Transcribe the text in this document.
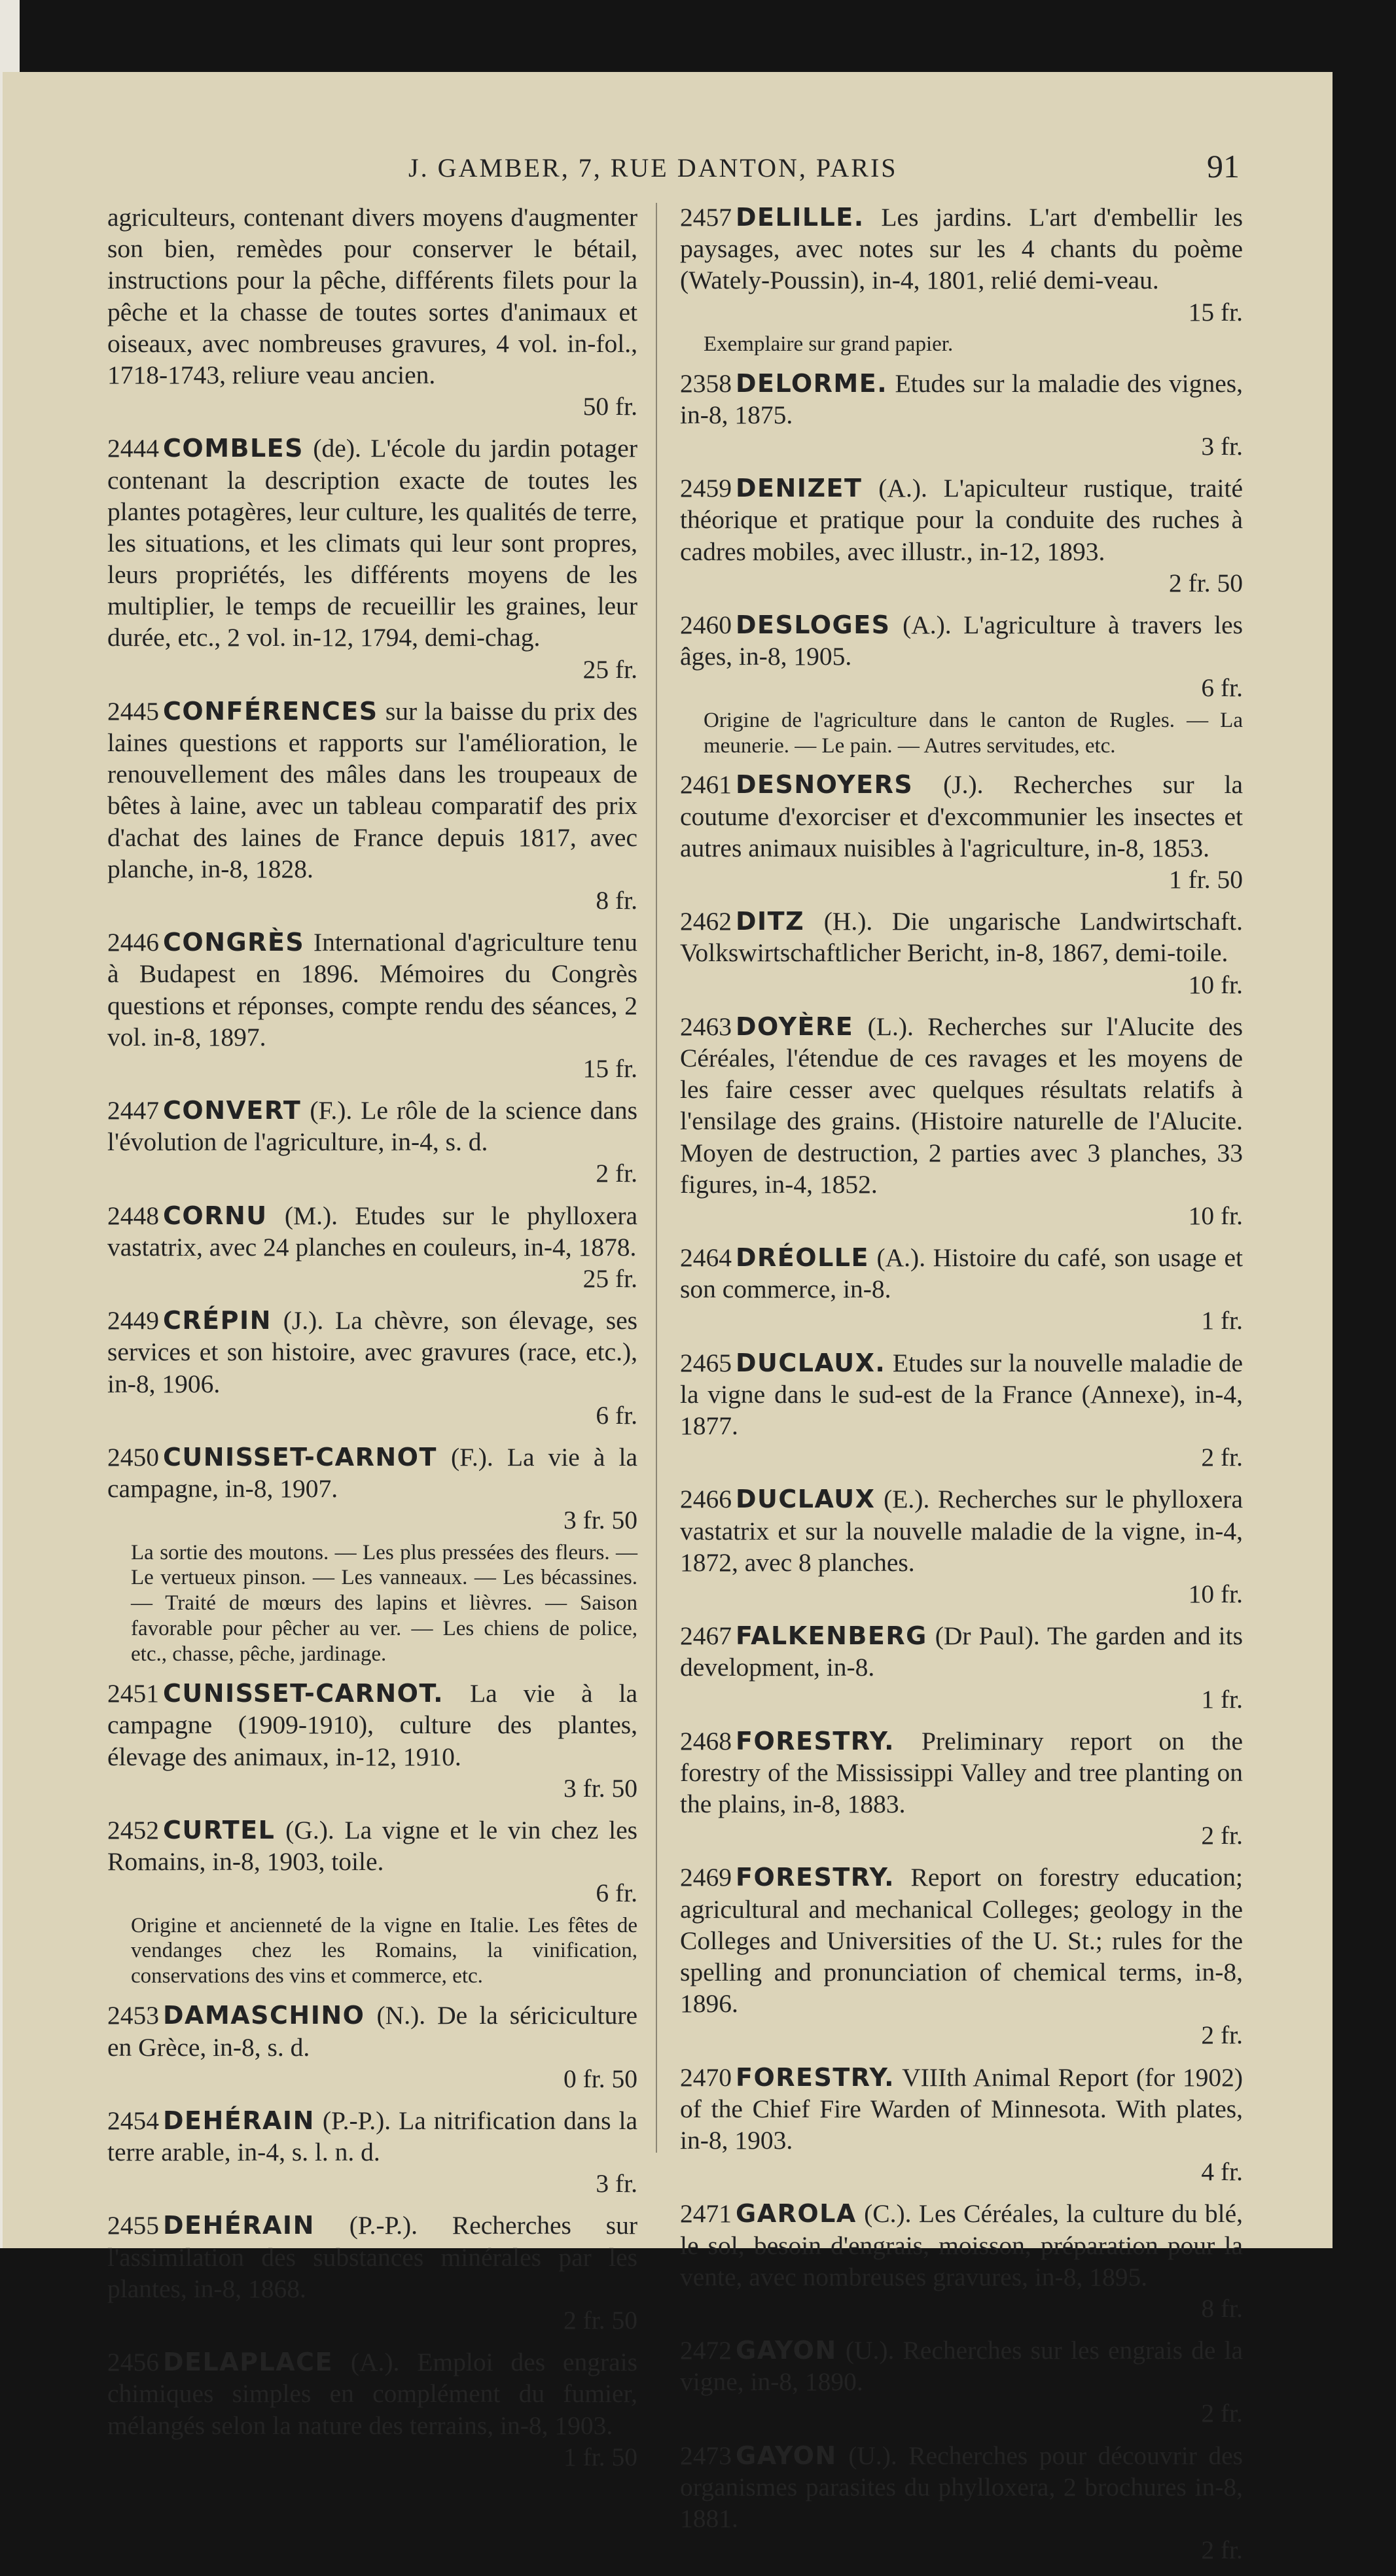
J. GAMBER, 7, RUE DANTON, PARIS	91
agriculteurs, contenant divers moyens d'augmenter son bien, remèdes pour conserver le bétail, instructions pour la pêche, différents filets pour la pêche et la chasse de toutes sortes d'animaux et oiseaux, avec nombreuses gravures, 4 vol. in-fol., 1718-1743, reliure veau ancien.
50 fr.
2444 COMBLES (de). L'école du jardin potager contenant la description exacte de toutes les plantes potagères, leur culture, les qualités de terre, les situations, et les climats qui leur sont propres, leurs propriétés, les différents moyens de les multiplier, le temps de recueillir les graines, leur durée, etc., 2 vol. in-12, 1794, demi-chag.
25 fr.
2445 CONFÉRENCES sur la baisse du prix des laines questions et rapports sur l'amélioration, le renouvellement des mâles dans les troupeaux de bêtes à laine, avec un tableau comparatif des prix d'achat des laines de France depuis 1817, avec planche, in-8, 1828.
8 fr.
2446 CONGRÈS International d'agriculture tenu à Budapest en 1896. Mémoires du Congrès questions et réponses, compte rendu des séances, 2 vol. in-8, 1897.
15 fr.
2447 CONVERT (F.). Le rôle de la science dans l'évolution de l'agriculture, in-4, s. d.
2 fr.
2448 CORNU (M.). Etudes sur le phylloxera vastatrix, avec 24 planches en couleurs, in-4, 1878.
25 fr.
2449 CRÉPIN (J.). La chèvre, son élevage, ses services et son histoire, avec gravures (race, etc.), in-8, 1906.
6 fr.
2450 CUNISSET-CARNOT (F.). La vie à la campagne, in-8, 1907.
3 fr. 50
La sortie des moutons. — Les plus pressées des fleurs. — Le vertueux pinson. — Les vanneaux. — Les bécassines. — Traité de mœurs des lapins et lièvres. — Saison favorable pour pêcher au ver. — Les chiens de police, etc., chasse, pêche, jardinage.
2451 CUNISSET-CARNOT. La vie à la campagne (1909-1910), culture des plantes, élevage des animaux, in-12, 1910.
3 fr. 50
2452 CURTEL (G.). La vigne et le vin chez les Romains, in-8, 1903, toile.
6 fr.
Origine et ancienneté de la vigne en Italie. Les fêtes de vendanges chez les Romains, la vinification, conservations des vins et commerce, etc.
2453 DAMASCHINO (N.). De la sériciculture en Grèce, in-8, s. d.
0 fr. 50
2454 DEHÉRAIN (P.-P.). La nitrification dans la terre arable, in-4, s. l. n. d.
3 fr.
2455 DEHÉRAIN (P.-P.). Recherches sur l'assimilation des substances minérales par les plantes, in-8, 1868.
2 fr. 50
2456 DELAPLACE (A.). Emploi des engrais chimiques simples en complément du fumier, mélangés selon la nature des terrains, in-8, 1903.
1 fr. 50
2457 DELILLE. Les jardins. L'art d'embellir les paysages, avec notes sur les 4 chants du poème (Wately-Poussin), in-4, 1801, relié demi-veau.
15 fr.
Exemplaire sur grand papier.
2358 DELORME. Etudes sur la maladie des vignes, in-8, 1875.
3 fr.
2459 DENIZET (A.). L'apiculteur rustique, traité théorique et pratique pour la conduite des ruches à cadres mobiles, avec illustr., in-12, 1893.
2 fr. 50
2460 DESLOGES (A.). L'agriculture à travers les âges, in-8, 1905.
6 fr.
Origine de l'agriculture dans le canton de Rugles. — La meunerie. — Le pain. — Autres servitudes, etc.
2461 DESNOYERS (J.). Recherches sur la coutume d'exorciser et d'excommunier les insectes et autres animaux nuisibles à l'agriculture, in-8, 1853.
1 fr. 50
2462 DITZ (H.). Die ungarische Landwirtschaft. Volkswirtschaftlicher Bericht, in-8, 1867, demi-toile.
10 fr.
2463 DOYÈRE (L.). Recherches sur l'Alucite des Céréales, l'étendue de ces ravages et les moyens de les faire cesser avec quelques résultats relatifs à l'ensilage des grains. (Histoire naturelle de l'Alucite. Moyen de destruction, 2 parties avec 3 planches, 33 figures, in-4, 1852.
10 fr.
2464 DRÉOLLE (A.). Histoire du café, son usage et son commerce, in-8.
1 fr.
2465 DUCLAUX. Etudes sur la nouvelle maladie de la vigne dans le sud-est de la France (Annexe), in-4, 1877.
2 fr.
2466 DUCLAUX (E.). Recherches sur le phylloxera vastatrix et sur la nouvelle maladie de la vigne, in-4, 1872, avec 8 planches.
10 fr.
2467 FALKENBERG (Dr Paul). The garden and its development, in-8.
1 fr.
2468 FORESTRY. Preliminary report on the forestry of the Mississippi Valley and tree planting on the plains, in-8, 1883.
2 fr.
2469 FORESTRY. Report on forestry education; agricultural and mechanical Colleges; geology in the Colleges and Universities of the U. St.; rules for the spelling and pronunciation of chemical terms, in-8, 1896.
2 fr.
2470 FORESTRY. VIIIth Animal Report (for 1902) of the Chief Fire Warden of Minnesota. With plates, in-8, 1903.
4 fr.
2471 GAROLA (C.). Les Céréales, la culture du blé, le sol, besoin d'engrais, moisson, préparation pour la vente, avec nombreuses gravures, in-8, 1895.
8 fr.
2472 GAYON (U.). Recherches sur les engrais de la vigne, in-8, 1890.
2 fr.
2473 GAYON (U.). Recherches pour découvrir des organismes parasites du phylloxera, 2 brochures in-8, 1881.
2 fr.
